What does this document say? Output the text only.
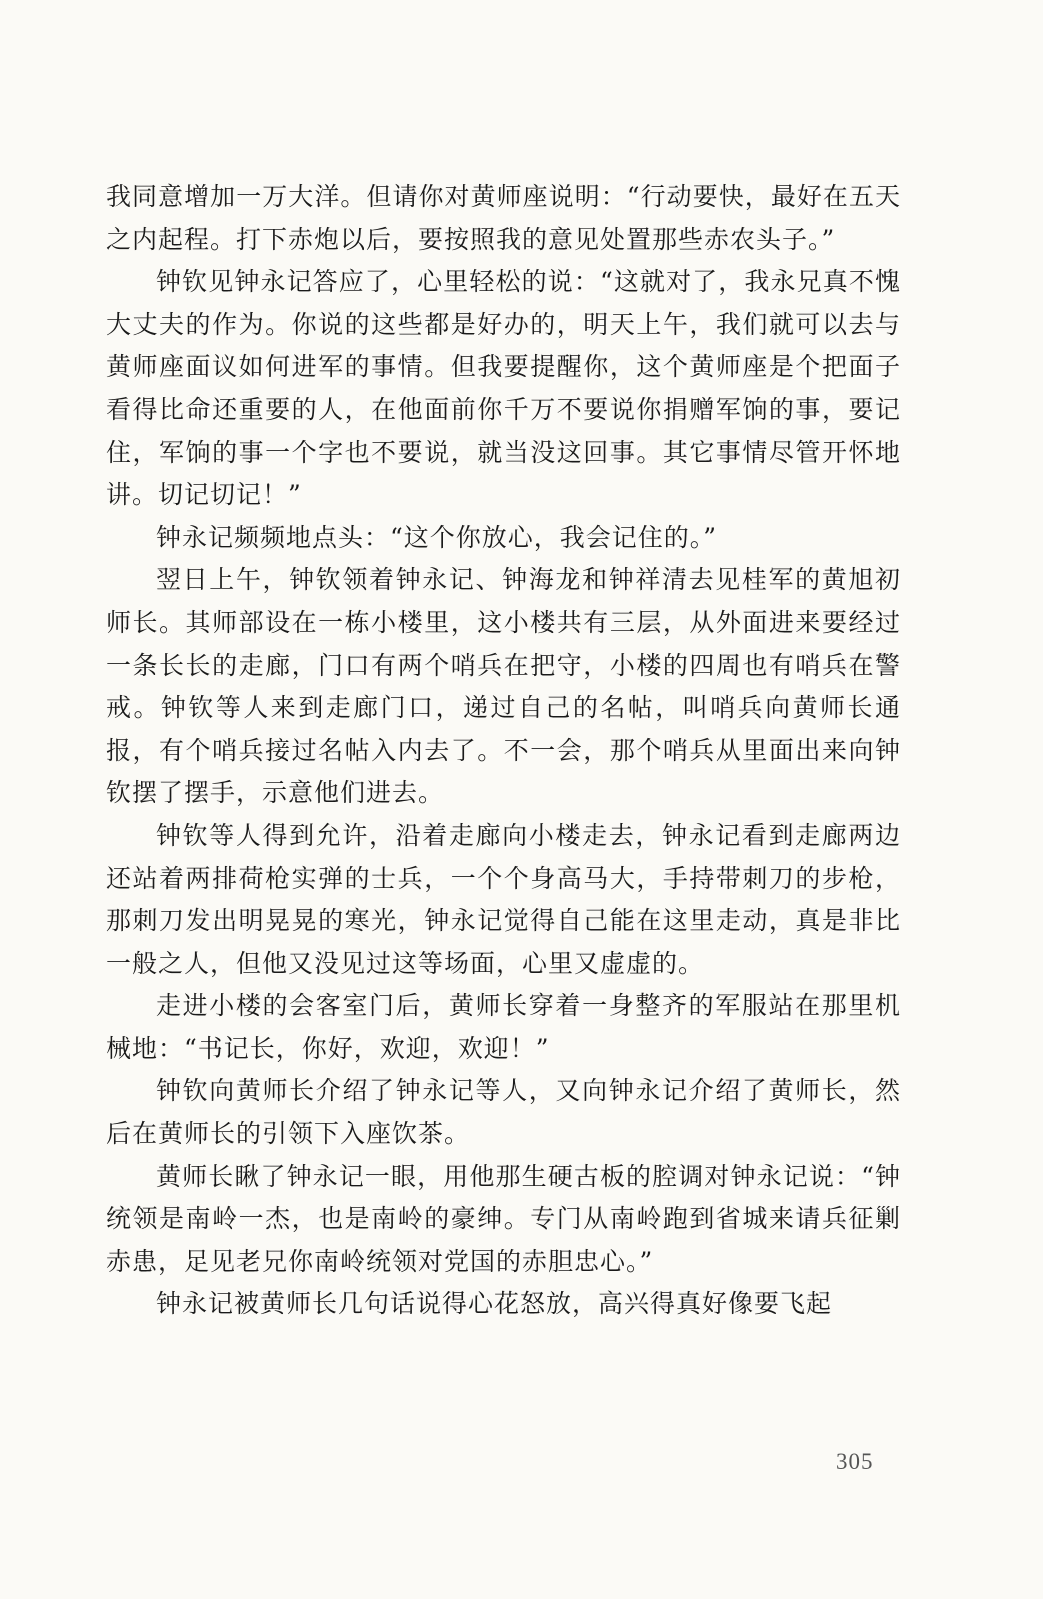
我同意增加一万大洋。但请你对黄师座说明：“行动要快，最好在五天之内起程。打下赤炮以后，要按照我的意见处置那些赤农头子。”

钟钦见钟永记答应了，心里轻松的说：“这就对了，我永兄真不愧大丈夫的作为。你说的这些都是好办的，明天上午，我们就可以去与黄师座面议如何进军的事情。但我要提醒你，这个黄师座是个把面子看得比命还重要的人，在他面前你千万不要说你捐赠军饷的事，要记住，军饷的事一个字也不要说，就当没这回事。其它事情尽管开怀地讲。切记切记！”

钟永记频频地点头：“这个你放心，我会记住的。”

翌日上午，钟钦领着钟永记、钟海龙和钟祥清去见桂军的黄旭初师长。其师部设在一栋小楼里，这小楼共有三层，从外面进来要经过一条长长的走廊，门口有两个哨兵在把守，小楼的四周也有哨兵在警戒。钟钦等人来到走廊门口，递过自己的名帖，叫哨兵向黄师长通报，有个哨兵接过名帖入内去了。不一会，那个哨兵从里面出来向钟钦摆了摆手，示意他们进去。

钟钦等人得到允许，沿着走廊向小楼走去，钟永记看到走廊两边还站着两排荷枪实弹的士兵，一个个身高马大，手持带刺刀的步枪，那刺刀发出明晃晃的寒光，钟永记觉得自己能在这里走动，真是非比一般之人，但他又没见过这等场面，心里又虚虚的。

走进小楼的会客室门后，黄师长穿着一身整齐的军服站在那里机械地：“书记长，你好，欢迎，欢迎！”

钟钦向黄师长介绍了钟永记等人，又向钟永记介绍了黄师长，然后在黄师长的引领下入座饮茶。

黄师长瞅了钟永记一眼，用他那生硬古板的腔调对钟永记说：“钟统领是南岭一杰，也是南岭的豪绅。专门从南岭跑到省城来请兵征剿赤患，足见老兄你南岭统领对党国的赤胆忠心。”

钟永记被黄师长几句话说得心花怒放，高兴得真好像要飞起

305
